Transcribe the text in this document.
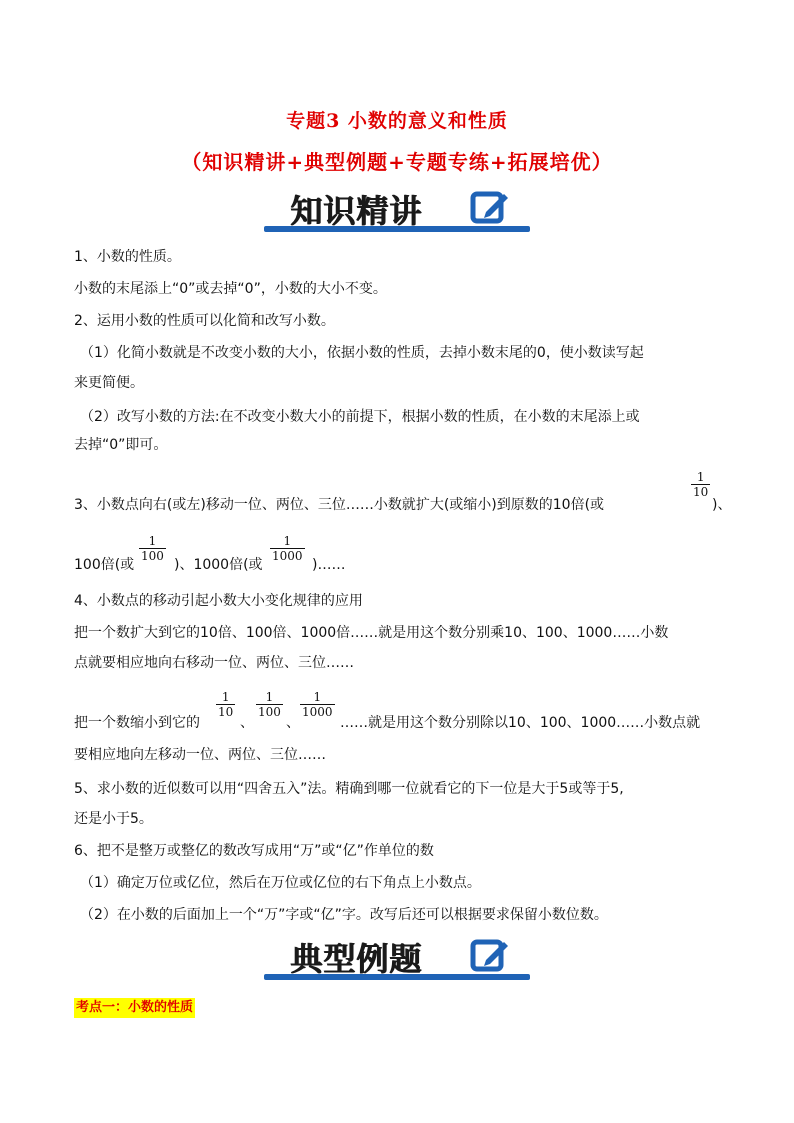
专题3 小数的意义和性质
（知识精讲+典型例题+专题专练+拓展培优）
知识精讲
1、小数的性质。
小数的末尾添上“0”或去掉“0”，小数的大小不变。
2、运用小数的性质可以化简和改写小数。
（1）化简小数就是不改变小数的大小，依据小数的性质，去掉小数末尾的0，使小数读写起
来更简便。
（2）改写小数的方法:在不改变小数大小的前提下，根据小数的性质，在小数的末尾添上或
去掉“0”即可。
3、小数点向右(或左)移动一位、两位、三位……小数就扩大(或缩小)到原数的10倍(或
$\frac{1}{10}$
)、
100倍(或
$\frac{1}{100}$
)、1000倍(或
$\frac{1}{1000}$
)……
4、小数点的移动引起小数大小变化规律的应用
把一个数扩大到它的10倍、100倍、1000倍……就是用这个数分别乘10、100、1000……小数
点就要相应地向右移动一位、两位、三位……
把一个数缩小到它的
$\frac{1}{10}$
、
$\frac{1}{100}$
、
$\frac{1}{1000}$
……就是用这个数分别除以10、100、1000……小数点就
要相应地向左移动一位、两位、三位……
5、求小数的近似数可以用“四舍五入”法。精确到哪一位就看它的下一位是大于5或等于5,
还是小于5。
6、把不是整万或整亿的数改写成用“万”或“亿”作单位的数
（1）确定万位或亿位，然后在万位或亿位的右下角点上小数点。
（2）在小数的后面加上一个“万”字或“亿”字。改写后还可以根据要求保留小数位数。
典型例题
考点一：小数的性质
